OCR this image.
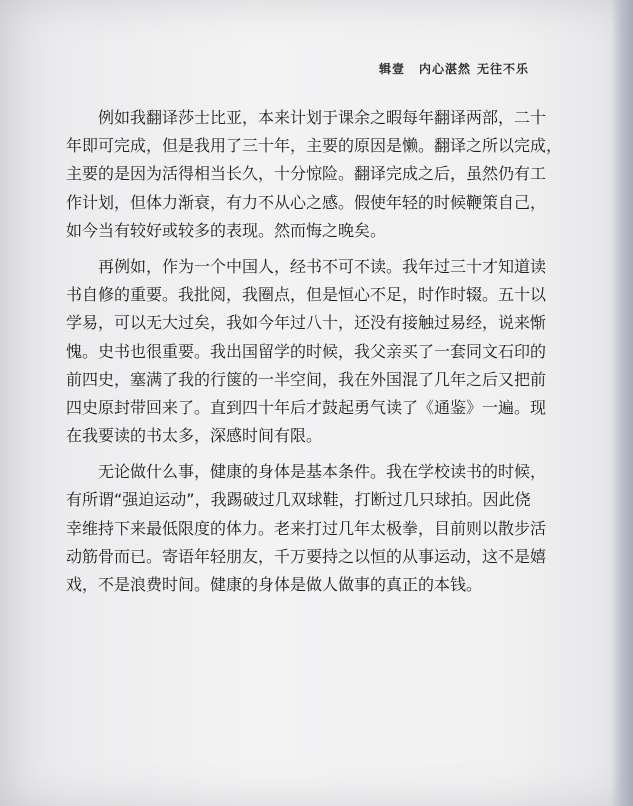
辑壹 内心湛然 无往不乐
例如我翻译莎士比亚，本来计划于课余之暇每年翻译两部，二十
年即可完成，但是我用了三十年，主要的原因是懒。翻译之所以完成，
主要的是因为活得相当长久，十分惊险。翻译完成之后，虽然仍有工
作计划，但体力渐衰，有力不从心之感。假使年轻的时候鞭策自己，
如今当有较好或较多的表现。然而悔之晚矣。
再例如，作为一个中国人，经书不可不读。我年过三十才知道读
书自修的重要。我批阅，我圈点，但是恒心不足，时作时辍。五十以
学易，可以无大过矣，我如今年过八十，还没有接触过易经，说来惭
愧。史书也很重要。我出国留学的时候，我父亲买了一套同文石印的
前四史，塞满了我的行箧的一半空间，我在外国混了几年之后又把前
四史原封带回来了。直到四十年后才鼓起勇气读了《通鉴》一遍。现
在我要读的书太多，深感时间有限。
无论做什么事，健康的身体是基本条件。我在学校读书的时候，
有所谓“强迫运动”，我踢破过几双球鞋，打断过几只球拍。因此侥
幸维持下来最低限度的体力。老来打过几年太极拳，目前则以散步活
动筋骨而已。寄语年轻朋友，千万要持之以恒的从事运动，这不是嬉
戏，不是浪费时间。健康的身体是做人做事的真正的本钱。
